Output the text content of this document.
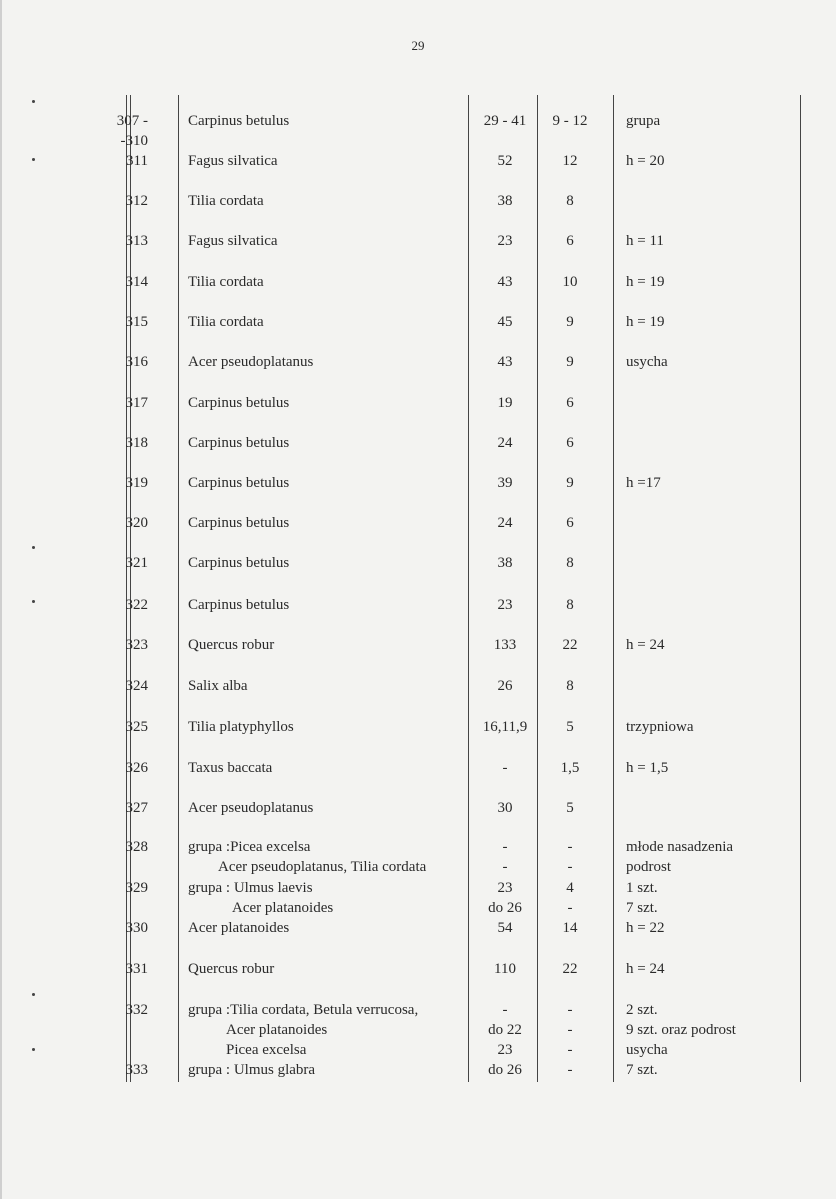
29
307 -	Carpinus betulus	29 - 41	9 - 12	grupa
-310
311	Fagus silvatica	52	12	h = 20
312	Tilia cordata	38	8
313	Fagus silvatica	23	6	h = 11
314	Tilia cordata	43	10	h = 19
315	Tilia cordata	45	9	h = 19
316	Acer pseudoplatanus	43	9	usycha
317	Carpinus betulus	19	6
318	Carpinus betulus	24	6
319	Carpinus betulus	39	9	h =17
320	Carpinus betulus	24	6
321	Carpinus betulus	38	8
322	Carpinus betulus	23	8
323	Quercus robur	133	22	h = 24
324	Salix alba	26	8
325	Tilia platyphyllos	16,11,9	5	trzypniowa
326	Taxus baccata	-	1,5	h = 1,5
327	Acer pseudoplatanus	30	5
328	grupa :Picea excelsa	-	-	młode nasadzenia
Acer pseudoplatanus, Tilia cordata	-	-	podrost
329	grupa : Ulmus laevis	23	4	1 szt.
Acer platanoides	do 26	-	7 szt.
330	Acer platanoides	54	14	h = 22
331	Quercus robur	110	22	h = 24
332	grupa :Tilia cordata, Betula verrucosa,	-	-	2 szt.
Acer platanoides	do 22	-	9 szt. oraz podrost
Picea excelsa	23	-	usycha
333	grupa : Ulmus glabra	do 26	-	7 szt.
